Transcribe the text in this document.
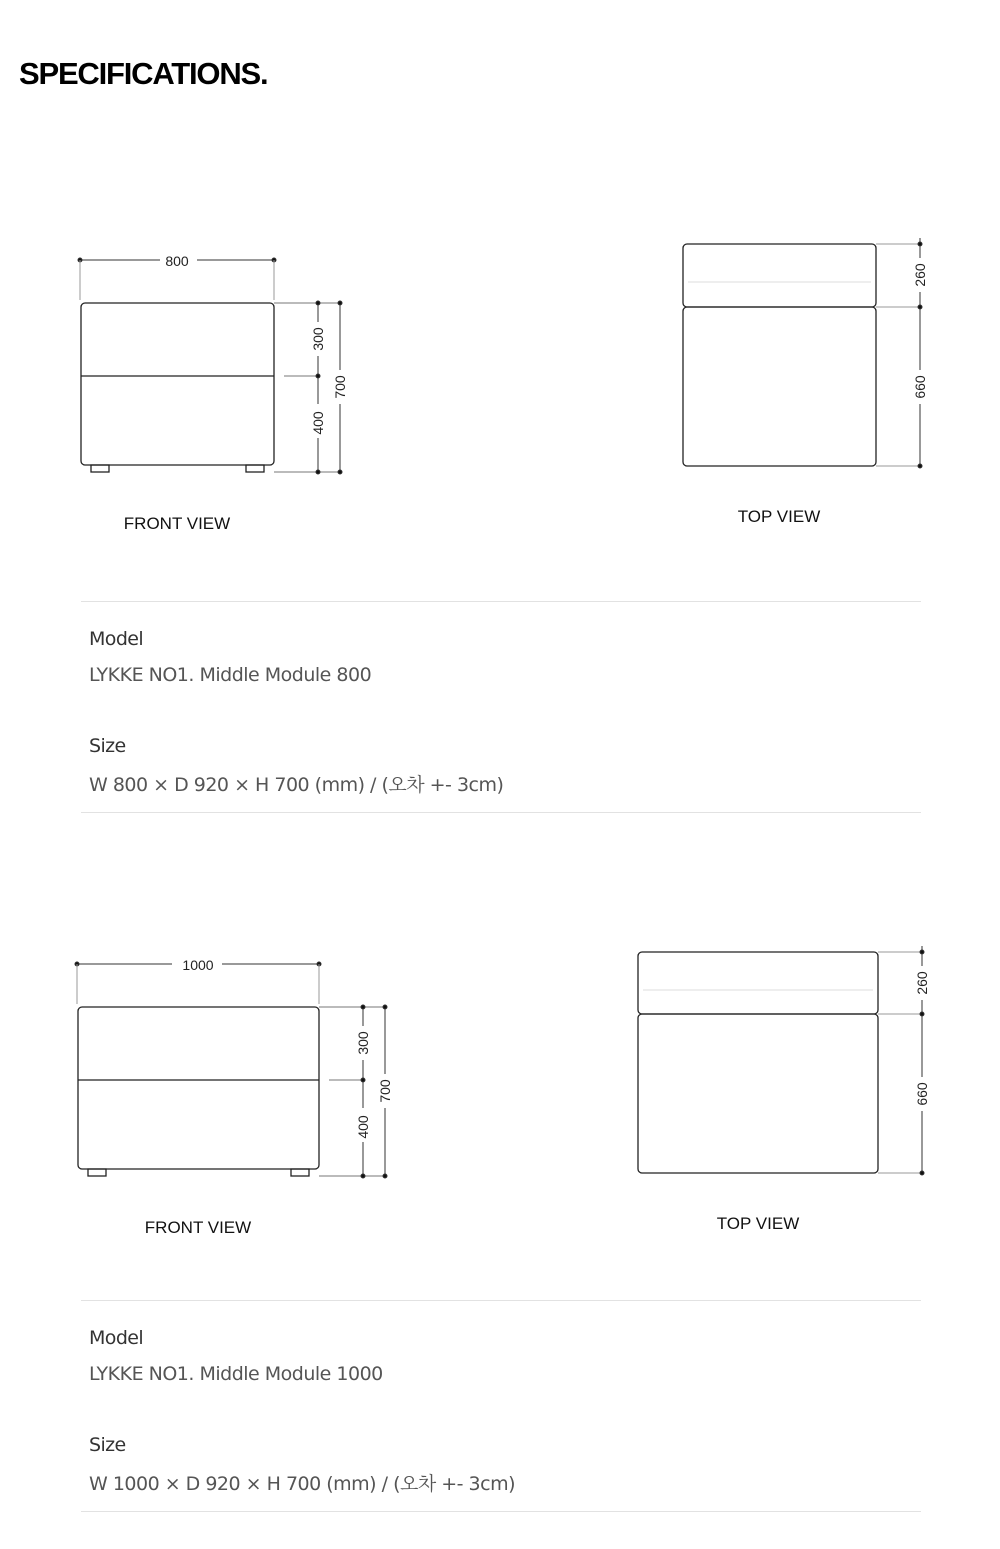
SPECIFICATIONS.
800
300
400
700
FRONT VIEW
260
660
TOP VIEW
Model
LYKKE NO1. Middle Module 800
Size
W 800 × D 920 × H 700 (mm) / (오차 +- 3cm)
1000
300
400
700
FRONT VIEW
260
660
TOP VIEW
Model
LYKKE NO1. Middle Module 1000
Size
W 1000 × D 920 × H 700 (mm) / (오차 +- 3cm)
